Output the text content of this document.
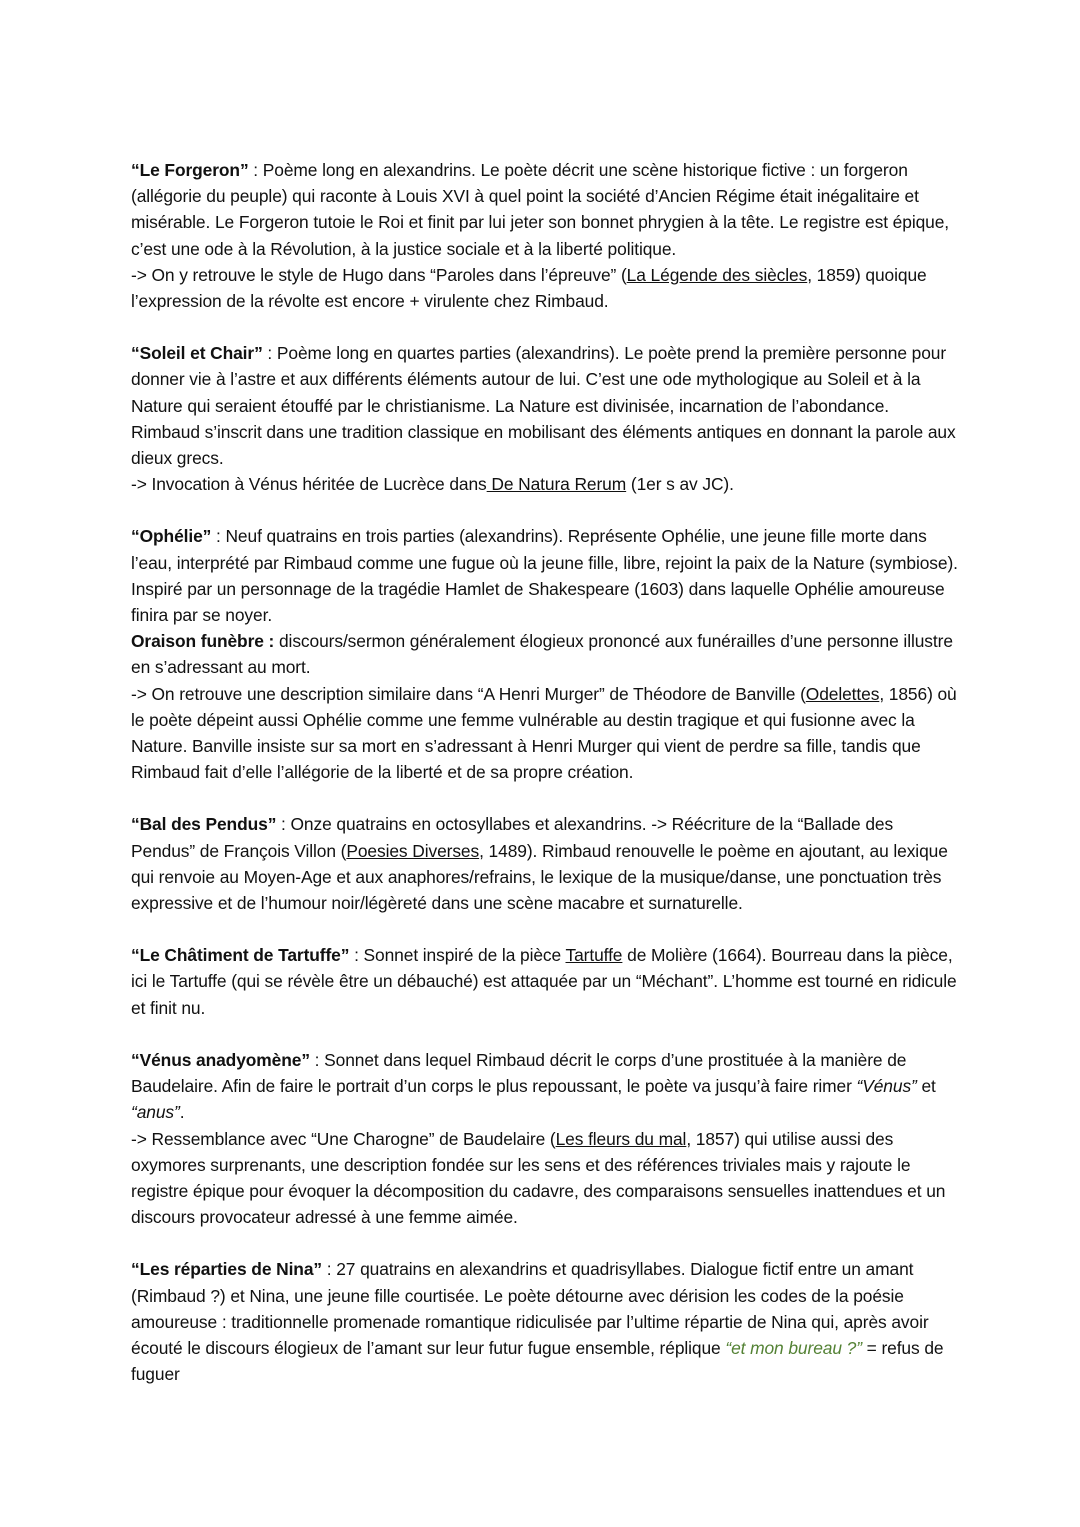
“Le Forgeron” : Poème long en alexandrins. Le poète décrit une scène historique fictive : un forgeron (allégorie du peuple) qui raconte à Louis XVI à quel point la société d’Ancien Régime était inégalitaire et misérable. Le Forgeron tutoie le Roi et finit par lui jeter son bonnet phrygien à la tête. Le registre est épique, c’est une ode à la Révolution, à la justice sociale et à la liberté politique.

-> On y retrouve le style de Hugo dans “Paroles dans l’épreuve” (La Légende des siècles, 1859) quoique l’expression de la révolte est encore + virulente chez Rimbaud.

“Soleil et Chair” : Poème long en quartes parties (alexandrins). Le poète prend la première personne pour donner vie à l’astre et aux différents éléments autour de lui. C’est une ode mythologique au Soleil et à la Nature qui seraient étouffé par le christianisme. La Nature est divinisée, incarnation de l’abondance. Rimbaud s’inscrit dans une tradition classique en mobilisant des éléments antiques en donnant la parole aux dieux grecs.

-> Invocation à Vénus héritée de Lucrèce dans De Natura Rerum (1er s av JC).

“Ophélie” : Neuf quatrains en trois parties (alexandrins). Représente Ophélie, une jeune fille morte dans l’eau, interprété par Rimbaud comme une fugue où la jeune fille, libre, rejoint la paix de la Nature (symbiose). Inspiré par un personnage de la tragédie Hamlet de Shakespeare (1603) dans laquelle Ophélie amoureuse finira par se noyer.

Oraison funèbre : discours/sermon généralement élogieux prononcé aux funérailles d’une personne illustre en s’adressant au mort.

-> On retrouve une description similaire dans “A Henri Murger” de Théodore de Banville (Odelettes, 1856) où le poète dépeint aussi Ophélie comme une femme vulnérable au destin tragique et qui fusionne avec la Nature. Banville insiste sur sa mort en s’adressant à Henri Murger qui vient de perdre sa fille, tandis que Rimbaud fait d’elle l’allégorie de la liberté et de sa propre création.

“Bal des Pendus” : Onze quatrains en octosyllabes et alexandrins. -> Réécriture de la “Ballade des Pendus” de François Villon (Poesies Diverses, 1489). Rimbaud renouvelle le poème en ajoutant, au lexique qui renvoie au Moyen-Age et aux anaphores/refrains, le lexique de la musique/danse, une ponctuation très expressive et de l’humour noir/légèreté dans une scène macabre et surnaturelle.

“Le Châtiment de Tartuffe” : Sonnet inspiré de la pièce Tartuffe de Molière (1664). Bourreau dans la pièce, ici le Tartuffe (qui se révèle être un débauché) est attaquée par un “Méchant”. L’homme est tourné en ridicule et finit nu.

“Vénus anadyomène” : Sonnet dans lequel Rimbaud décrit le corps d’une prostituée à la manière de Baudelaire. Afin de faire le portrait d’un corps le plus repoussant, le poète va jusqu’à faire rimer “Vénus” et “anus”.

-> Ressemblance avec “Une Charogne” de Baudelaire (Les fleurs du mal, 1857) qui utilise aussi des oxymores surprenants, une description fondée sur les sens et des références triviales mais y rajoute le registre épique pour évoquer la décomposition du cadavre, des comparaisons sensuelles inattendues et un discours provocateur adressé à une femme aimée.

“Les réparties de Nina” : 27 quatrains en alexandrins et quadrisyllabes. Dialogue fictif entre un amant (Rimbaud ?) et Nina, une jeune fille courtisée. Le poète détourne avec dérision les codes de la poésie amoureuse : traditionnelle promenade romantique ridiculisée par l’ultime répartie de Nina qui, après avoir écouté le discours élogieux de l’amant sur leur futur fugue ensemble, réplique “et mon bureau ?” = refus de fuguer
